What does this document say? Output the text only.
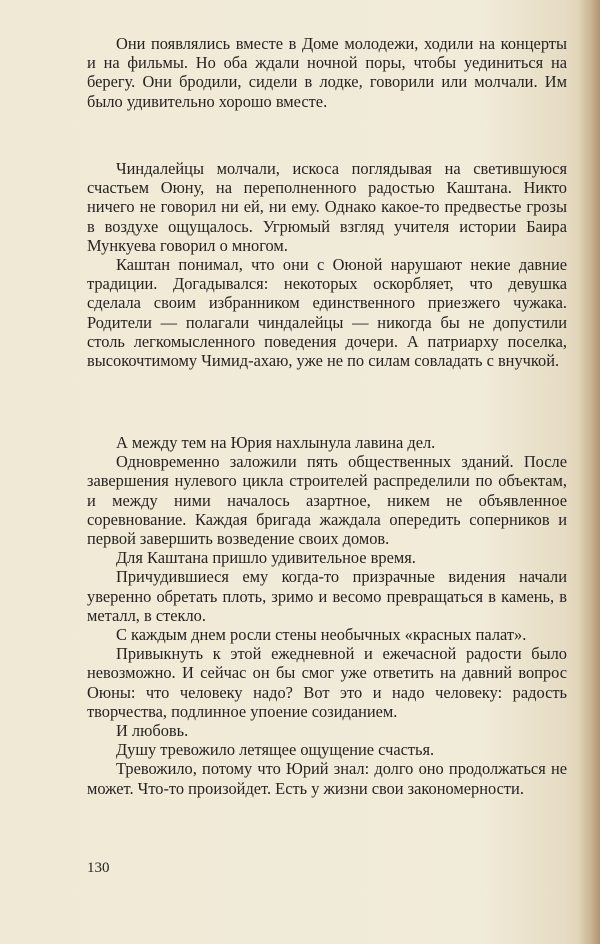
Они появлялись вместе в Доме молодежи, ходили на концерты и на фильмы. Но оба ждали ночной поры, чтобы уединиться на берегу. Они бродили, сидели в лодке, говорили или молчали. Им было удивительно хорошо вместе.

Чиндалейцы молчали, искоса поглядывая на светившуюся счастьем Оюну, на переполненного радостью Каштана. Никто ничего не говорил ни ей, ни ему. Однако какое-то предвестье грозы в воздухе ощущалось. Угрюмый взгляд учителя истории Баира Мункуева говорил о многом.

Каштан понимал, что они с Оюной нарушают некие давние традиции. Догадывался: некоторых оскорбляет, что девушка сделала своим избранником единственного приезжего чужака. Родители — полагали чиндалейцы — никогда бы не допустили столь легкомысленного поведения дочери. А патриарху поселка, высокочтимому Чимид-ахаю, уже не по силам совладать с внучкой.

А между тем на Юрия нахлынула лавина дел.

Одновременно заложили пять общественных зданий. После завершения нулевого цикла строителей распределили по объектам, и между ними началось азартное, никем не объявленное соревнование. Каждая бригада жаждала опередить соперников и первой завершить возведение своих домов.

Для Каштана пришло удивительное время.

Причудившиеся ему когда-то призрачные видения начали уверенно обретать плоть, зримо и весомо превращаться в камень, в металл, в стекло.

С каждым днем росли стены необычных «красных палат».

Привыкнуть к этой ежедневной и ежечасной радости было невозможно. И сейчас он бы смог уже ответить на давний вопрос Оюны: что человеку надо? Вот это и надо человеку: радость творчества, подлинное упоение созиданием.

И любовь.

Душу тревожило летящее ощущение счастья.

Тревожило, потому что Юрий знал: долго оно продолжаться не может. Что-то произойдет. Есть у жизни свои закономерности.

130
